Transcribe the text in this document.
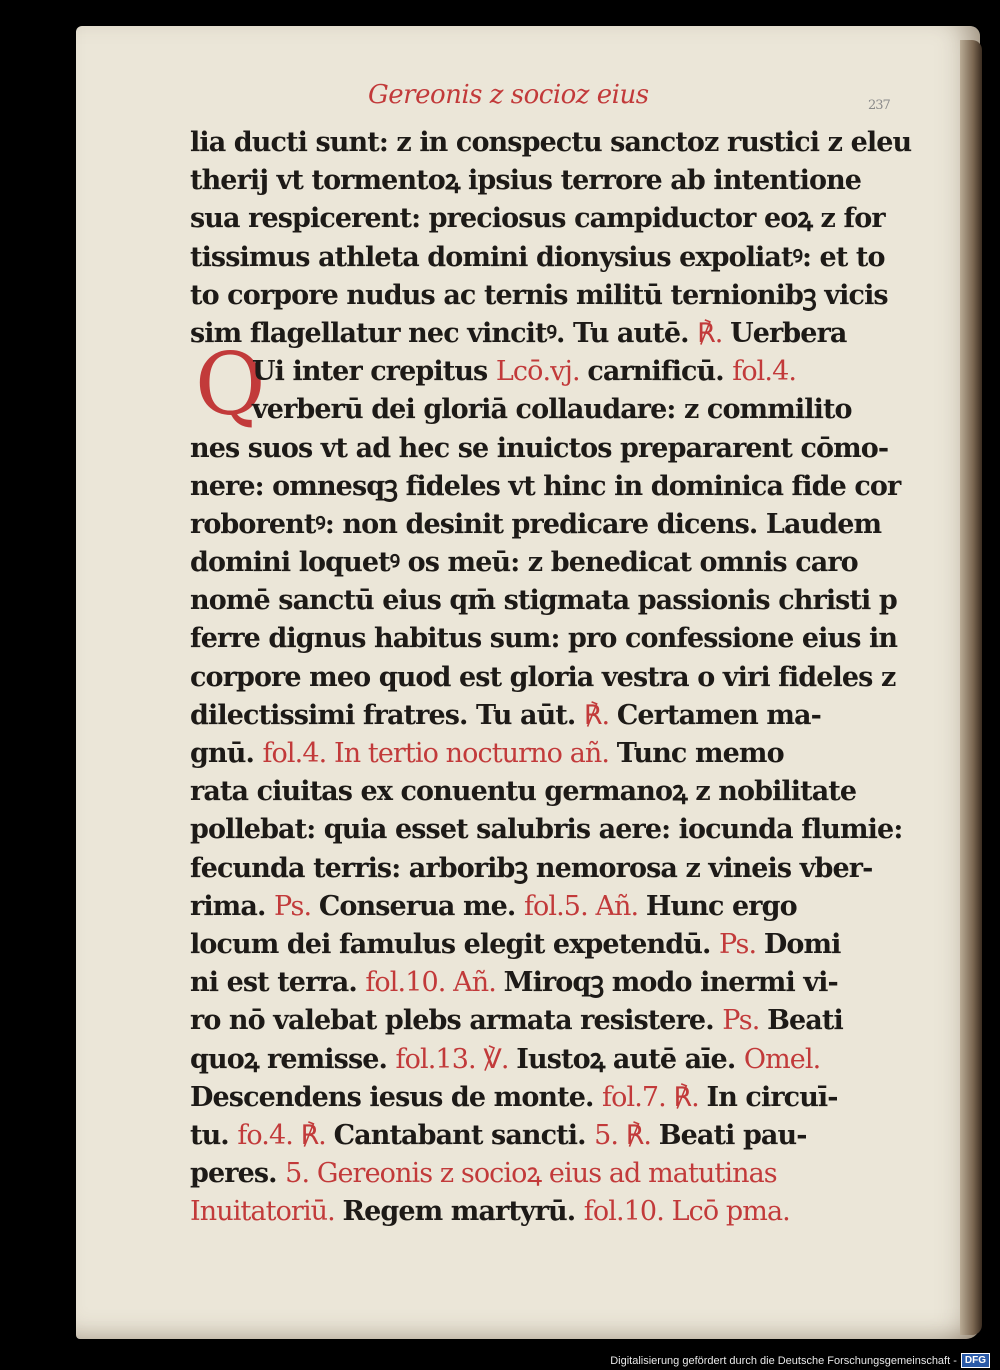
237
Gereonis z socioz eius
Q
lia ducti sunt: z in conspectu sanctoz rustici z eleu
therij vt tormentoꝝ ipsius terrore ab intentione
sua respicerent: preciosus campiductor eoꝝ z for
tissimus athleta domini dionysius expoliatꝰ: et to
to corpore nudus ac ternis militū ternionibꝫ vicis
sim flagellatur nec vincitꝰ. Tu autē. ℟. Uerbera
Ui inter crepitus Lcō.vj. carnificū. fol.4.
verberū dei gloriā collaudare: z commilito
nes suos vt ad hec se inuictos prepararent cōmo-
nere: omnesqꝫ fideles vt hinc in dominica fide cor
roborentꝰ: non desinit predicare dicens. Laudem
domini loquetꝰ os meū: z benedicat omnis caro
nomē sanctū eius qm̄ stigmata passionis christi p
ferre dignus habitus sum: pro confessione eius in
corpore meo quod est gloria vestra o viri fideles z
dilectissimi fratres. Tu aūt. ℟. Certamen ma-
gnū. fol.4. In tertio nocturno añ. Tunc memo
rata ciuitas ex conuentu germanoꝝ z nobilitate
pollebat: quia esset salubris aere: iocunda flumie:
fecunda terris: arboribꝫ nemorosa z vineis vber-
rima. Ps. Conserua me. fol.5. Añ. Hunc ergo
locum dei famulus elegit expetendū. Ps. Domi
ni est terra. fol.10. Añ. Miroqꝫ modo inermi vi-
ro nō valebat plebs armata resistere. Ps. Beati
quoꝝ remisse. fol.13. ℣. Iustoꝝ autē aīe. Omel.
Descendens iesus de monte. fol.7. ℟. In circuī-
tu. fo.4. ℟. Cantabant sancti. 5. ℟. Beati pau-
peres. 5. Gereonis z socioꝝ eius ad matutinas
Inuitatoriū. Regem martyrū. fol.10. Lcō pma.
Digitalisierung gefördert durch die Deutsche Forschungsgemeinschaft - DFG
